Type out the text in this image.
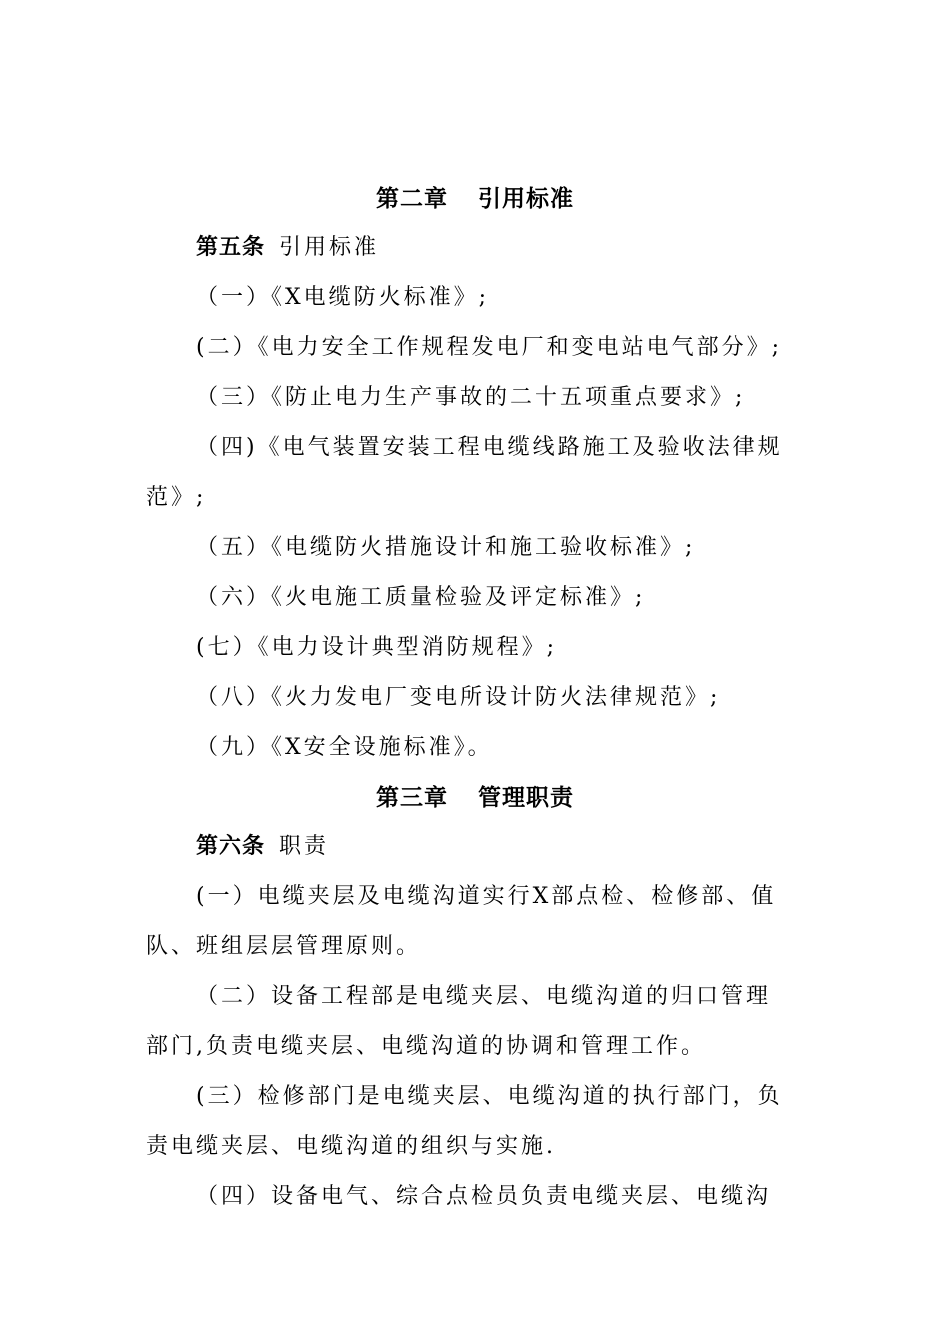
第二章 引用标准
第五条 引用标准
（一）《X电缆防火标准》;
(二）《电力安全工作规程发电厂和变电站电气部分》;
（三）《防止电力生产事故的二十五项重点要求》;
（四)《电气装置安装工程电缆线路施工及验收法律规
范》;
（五）《电缆防火措施设计和施工验收标准》;
（六）《火电施工质量检验及评定标准》;
(七）《电力设计典型消防规程》;
（八）《火力发电厂变电所设计防火法律规范》;
（九）《X安全设施标准》。
第三章 管理职责
第六条 职责
(一）电缆夹层及电缆沟道实行X部点检、检修部、值
队、班组层层管理原则。
（二）设备工程部是电缆夹层、电缆沟道的归口管理
部门,负责电缆夹层、电缆沟道的协调和管理工作。
(三）检修部门是电缆夹层、电缆沟道的执行部门，负
责电缆夹层、电缆沟道的组织与实施.
（四）设备电气、综合点检员负责电缆夹层、电缆沟
